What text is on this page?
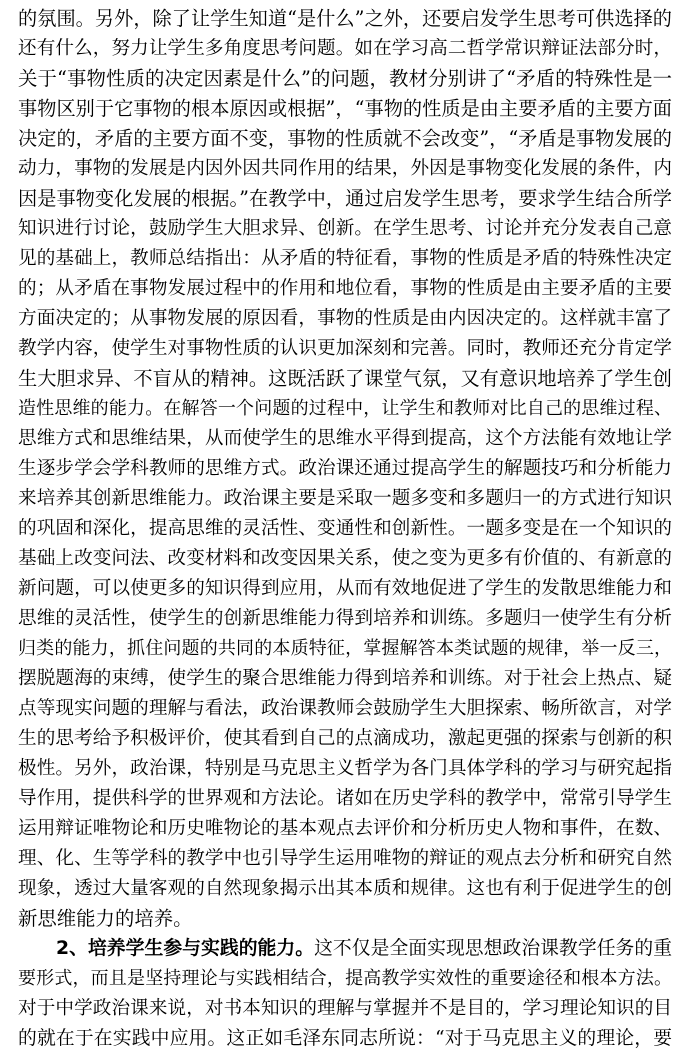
的氛围。另外，除了让学生知道“是什么”之外，还要启发学生思考可供选择的
还有什么，努力让学生多角度思考问题。如在学习高二哲学常识辩证法部分时，
关于“事物性质的决定因素是什么”的问题，教材分别讲了“矛盾的特殊性是一
事物区别于它事物的根本原因或根据”，“事物的性质是由主要矛盾的主要方面
决定的，矛盾的主要方面不变，事物的性质就不会改变”，“矛盾是事物发展的
动力，事物的发展是内因外因共同作用的结果，外因是事物变化发展的条件，内
因是事物变化发展的根据。”在教学中，通过启发学生思考，要求学生结合所学
知识进行讨论，鼓励学生大胆求异、创新。在学生思考、讨论并充分发表自己意
见的基础上，教师总结指出：从矛盾的特征看，事物的性质是矛盾的特殊性决定
的；从矛盾在事物发展过程中的作用和地位看，事物的性质是由主要矛盾的主要
方面决定的；从事物发展的原因看，事物的性质是由内因决定的。这样就丰富了
教学内容，使学生对事物性质的认识更加深刻和完善。同时，教师还充分肯定学
生大胆求异、不盲从的精神。这既活跃了课堂气氛，又有意识地培养了学生创
造性思维的能力。在解答一个问题的过程中，让学生和教师对比自己的思维过程、
思维方式和思维结果，从而使学生的思维水平得到提高，这个方法能有效地让学
生逐步学会学科教师的思维方式。政治课还通过提高学生的解题技巧和分析能力
来培养其创新思维能力。政治课主要是采取一题多变和多题归一的方式进行知识
的巩固和深化，提高思维的灵活性、变通性和创新性。一题多变是在一个知识的
基础上改变问法、改变材料和改变因果关系，使之变为更多有价值的、有新意的
新问题，可以使更多的知识得到应用，从而有效地促进了学生的发散思维能力和
思维的灵活性，使学生的创新思维能力得到培养和训练。多题归一使学生有分析
归类的能力，抓住问题的共同的本质特征，掌握解答本类试题的规律，举一反三，
摆脱题海的束缚，使学生的聚合思维能力得到培养和训练。对于社会上热点、疑
点等现实问题的理解与看法，政治课教师会鼓励学生大胆探索、畅所欲言，对学
生的思考给予积极评价，使其看到自己的点滴成功，激起更强的探索与创新的积
极性。另外，政治课，特别是马克思主义哲学为各门具体学科的学习与研究起指
导作用，提供科学的世界观和方法论。诸如在历史学科的教学中，常常引导学生
运用辩证唯物论和历史唯物论的基本观点去评价和分析历史人物和事件，在数、
理、化、生等学科的教学中也引导学生运用唯物的辩证的观点去分析和研究自然
现象，透过大量客观的自然现象揭示出其本质和规律。这也有利于促进学生的创
新思维能力的培养。
2、培养学生参与实践的能力。这不仅是全面实现思想政治课教学任务的重
要形式，而且是坚持理论与实践相结合，提高教学实效性的重要途径和根本方法。
对于中学政治课来说，对书本知识的理解与掌握并不是目的，学习理论知识的目
的就在于在实践中应用。这正如毛泽东同志所说：“对于马克思主义的理论，要
